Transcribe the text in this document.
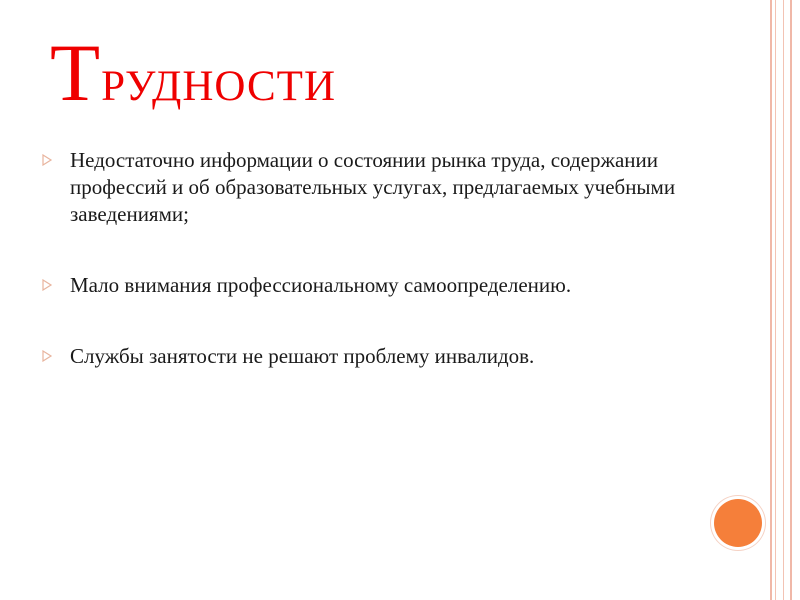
Трудности
Недостаточно информации о состоянии рынка труда, содержании профессий и об образовательных услугах, предлагаемых учебными заведениями;
Мало внимания профессиональному самоопределению.
Службы занятости не решают проблему инвалидов.
